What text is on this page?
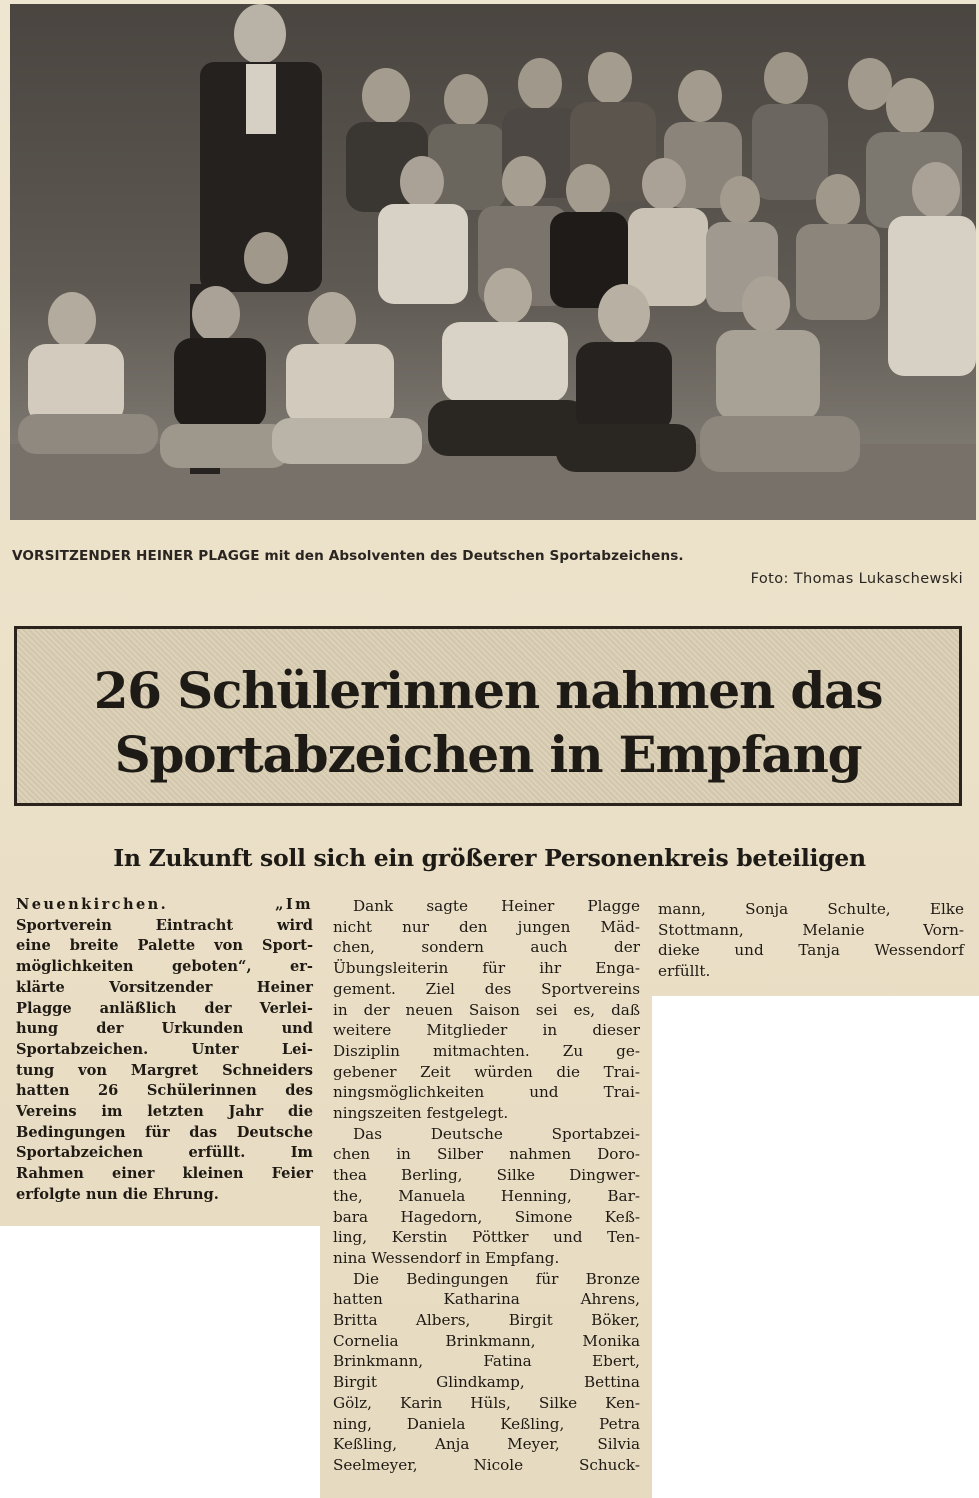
VORSITZENDER HEINER PLAGGE mit den Absolventen des Deutschen Sportabzeichens.
Foto: Thomas Lukaschewski
26 Schülerinnen nahmen das
Sportabzeichen in Empfang
In Zukunft soll sich ein größerer Personenkreis beteiligen
Neuenkirchen. „Im
Sportverein Eintracht wird
eine breite Palette von Sport-
möglichkeiten geboten“, er-
klärte Vorsitzender Heiner
Plagge anläßlich der Verlei-
hung der Urkunden und
Sportabzeichen. Unter Lei-
tung von Margret Schneiders
hatten 26 Schülerinnen des
Vereins im letzten Jahr die
Bedingungen für das Deutsche
Sportabzeichen erfüllt. Im
Rahmen einer kleinen Feier
erfolgte nun die Ehrung.
Dank sagte Heiner Plagge
nicht nur den jungen Mäd-
chen, sondern auch der
Übungsleiterin für ihr Enga-
gement. Ziel des Sportvereins
in der neuen Saison sei es, daß
weitere Mitglieder in dieser
Disziplin mitmachten. Zu ge-
gebener Zeit würden die Trai-
ningsmöglichkeiten und Trai-
ningszeiten festgelegt.
Das Deutsche Sportabzei-
chen in Silber nahmen Doro-
thea Berling, Silke Dingwer-
the, Manuela Henning, Bar-
bara Hagedorn, Simone Keß-
ling, Kerstin Pöttker und Ten-
nina Wessendorf in Empfang.
Die Bedingungen für Bronze
hatten Katharina Ahrens,
Britta Albers, Birgit Böker,
Cornelia Brinkmann, Monika
Brinkmann, Fatina Ebert,
Birgit Glindkamp, Bettina
Gölz, Karin Hüls, Silke Ken-
ning, Daniela Keßling, Petra
Keßling, Anja Meyer, Silvia
Seelmeyer, Nicole Schuck-
mann, Sonja Schulte, Elke
Stottmann, Melanie Vorn-
dieke und Tanja Wessendorf
erfüllt.
